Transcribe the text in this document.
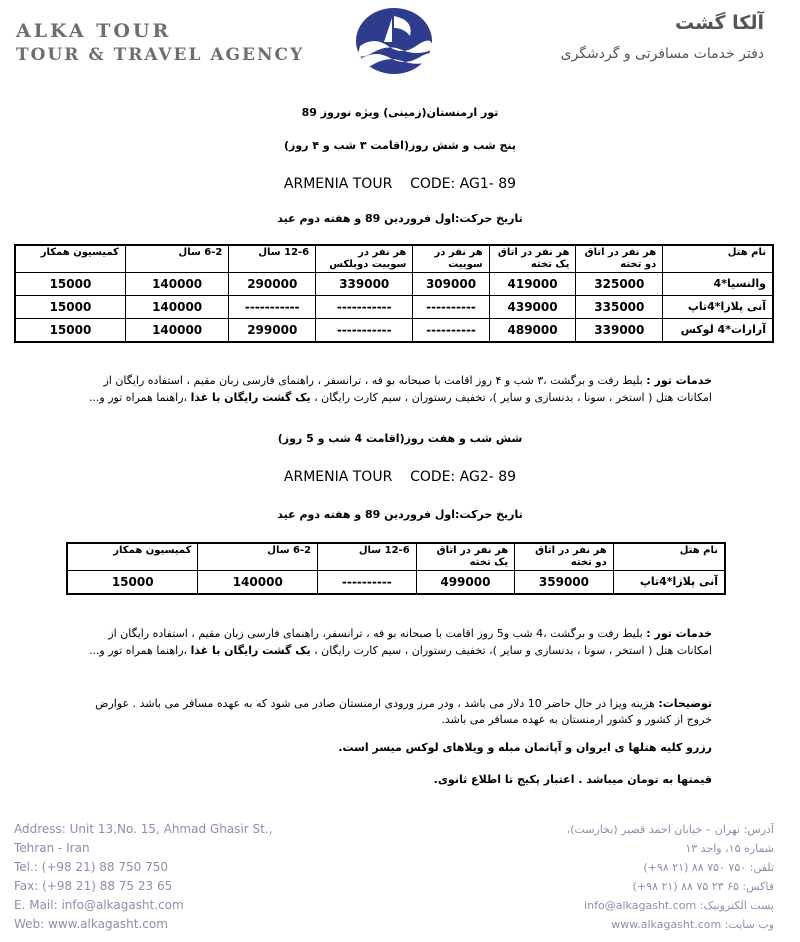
ALKA TOUR
TOUR & TRAVEL AGENCY
آلکا گشت
دفتر خدمات مسافرتی و گردشگری
تور ارمنستان(زمینی) ویژه نوروز 89
پنج شب و شش روز(اقامت ۳ شب و ۴ روز)
ARMENIA TOUR    CODE: AG1- 89
تاریخ حرکت:اول فروردین 89 و هفته دوم عید
نام هتل	هر نفر در اتاق دو تخته	هر نفر در اتاق یک تخته	هر نفر در سوییت	هر نفر در سوییت دوبلکس	12-6 سال	6-2 سال	کمیسیون همکار
والنسیا*4	325000	419000	309000	339000	290000	140000	15000
آنی پلازا*4تاپ	335000	439000	----------	-----------	-----------	140000	15000
آرارات*4 لوکس	339000	489000	----------	-----------	299000	140000	15000
خدمات تور : بلیط رفت و برگشت ،۳ شب و ۴ روز اقامت با صبحانه بو فه ، ترانسفر ، راهنمای فارسی زبان مقیم ، استفاده رایگان از امکانات هتل ( استخر ، سونا ، بدنسازی و سایر )، تخفیف رستوران ، سیم کارت رایگان ، یک گشت رایگان با غذا ،راهنما همراه تور و...
شش شب و هفت روز(اقامت 4 شب و 5 روز)
ARMENIA TOUR    CODE: AG2- 89
تاریخ حرکت:اول فروردین 89 و هفته دوم عید
نام هتل	هر نفر در اتاق دو تخته	هر نفر در اتاق یک تخته	12-6 سال	6-2 سال	کمیسیون همکار
آنی پلازا*4تاپ	359000	499000	----------	140000	15000
خدمات تور : بلیط رفت و برگشت ،4 شب و5 روز اقامت با صبحانه بو فه ، ترانسفر، راهنمای فارسی زبان مقیم ، استفاده رایگان از امکانات هتل ( استخر ، سونا ، بدنسازی و سایر )، تخفیف رستوران ، سیم کارت رایگان ، یک گشت رایگان با غذا ،راهنما همراه تور و...
توضیحات: هزینه ویزا در حال حاضر 10 دلار می باشد ، ودر مرز ورودی ارمنستان صادر می شود که به عهده مسافر می باشد . عوارض خروج از کشور و کشور ارمنستان به عهده مسافر می باشد.
رزرو کلیه هتلها ی ایروان و آپاتمان مبله و ویلاهای لوکس میسر است.
قیمتها به تومان میباشد . اعتبار پکیج تا اطلاع ثانوی.
Address: Unit 13,No. 15, Ahmad Ghasir St.,
Tehran - Iran
Tel.: (+98 21) 88 750 750
Fax: (+98 21) 88 75 23 65
E. Mail: info@alkagasht.com
Web: www.alkagasht.com
آدرس: تهران – خیابان احمد قصیر (بخارست)،
شماره ۱۵، واحد ۱۳
تلفن: ۷۵۰ ۷۵۰ ۸۸ (۲۱ ۹۸+)
فاکس: ۶۵ ۲۳ ۷۵ ۸۸ (۲۱ ۹۸+)
پست الکترونیک: info@alkagasht.com
وب سایت: www.alkagasht.com
